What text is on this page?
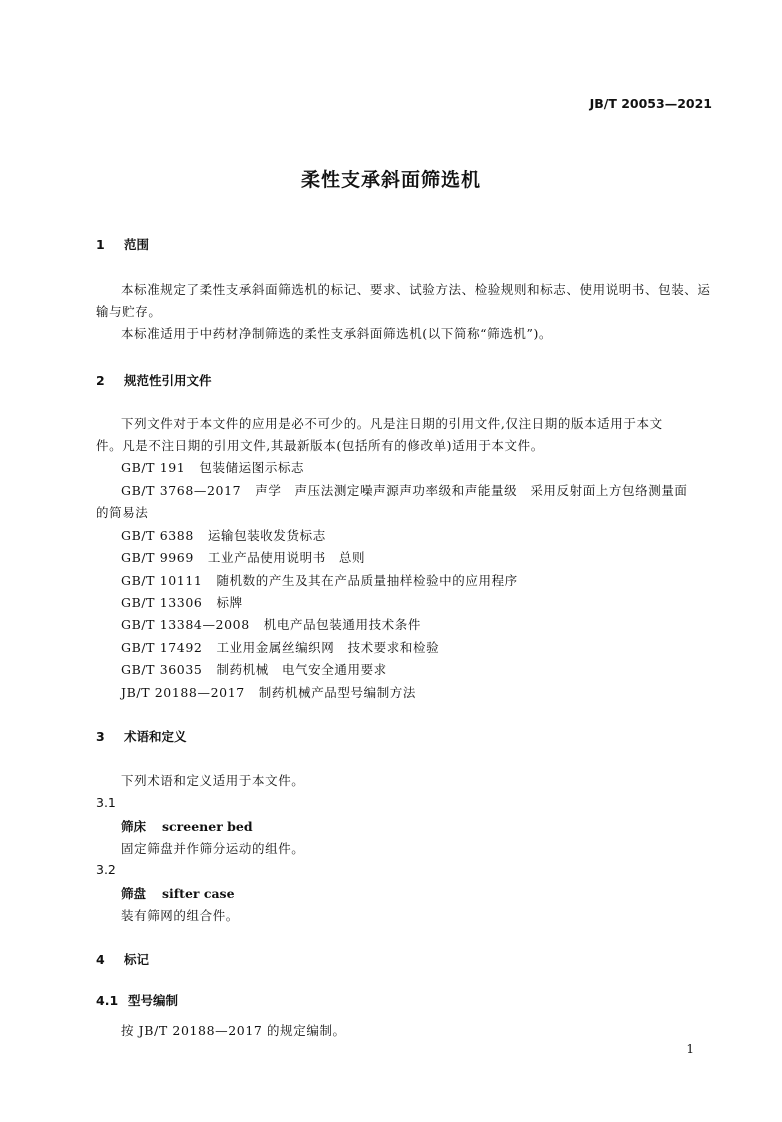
JB/T 20053—2021
柔性支承斜面筛选机
1 范围
本标准规定了柔性支承斜面筛选机的标记、要求、试验方法、检验规则和标志、使用说明书、包装、运
输与贮存。
本标准适用于中药材净制筛选的柔性支承斜面筛选机(以下简称“筛选机”)。
2 规范性引用文件
下列文件对于本文件的应用是必不可少的。凡是注日期的引用文件,仅注日期的版本适用于本文
件。凡是不注日期的引用文件,其最新版本(包括所有的修改单)适用于本文件。
GB/T 191 包装储运图示标志
GB/T 3768—2017 声学　声压法测定噪声源声功率级和声能量级　采用反射面上方包络测量面
的简易法
GB/T 6388 运输包装收发货标志
GB/T 9969 工业产品使用说明书　总则
GB/T 10111 随机数的产生及其在产品质量抽样检验中的应用程序
GB/T 13306 标牌
GB/T 13384—2008 机电产品包装通用技术条件
GB/T 17492 工业用金属丝编织网　技术要求和检验
GB/T 36035 制药机械　电气安全通用要求
JB/T 20188—2017 制药机械产品型号编制方法
3 术语和定义
下列术语和定义适用于本文件。
3.1
筛床 screener bed
固定筛盘并作筛分运动的组件。
3.2
筛盘 sifter case
装有筛网的组合件。
4 标记
4.1 型号编制
按 JB/T 20188—2017 的规定编制。
1
